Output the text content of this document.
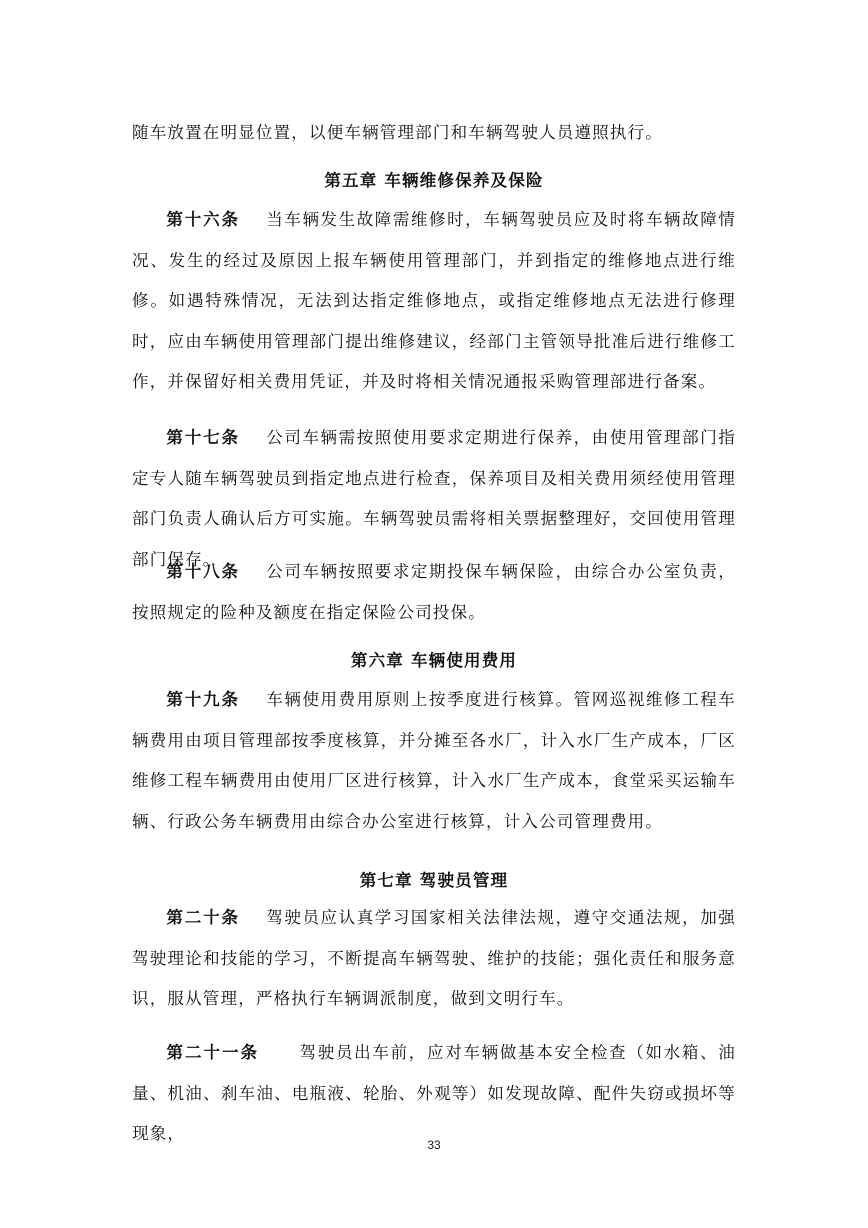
随车放置在明显位置，以便车辆管理部门和车辆驾驶人员遵照执行。

第五章 车辆维修保养及保险

第十六条 当车辆发生故障需维修时，车辆驾驶员应及时将车辆故障情况、发生的经过及原因上报车辆使用管理部门，并到指定的维修地点进行维修。如遇特殊情况，无法到达指定维修地点，或指定维修地点无法进行修理时，应由车辆使用管理部门提出维修建议，经部门主管领导批准后进行维修工作，并保留好相关费用凭证，并及时将相关情况通报采购管理部进行备案。

第十七条 公司车辆需按照使用要求定期进行保养，由使用管理部门指定专人随车辆驾驶员到指定地点进行检查，保养项目及相关费用须经使用管理部门负责人确认后方可实施。车辆驾驶员需将相关票据整理好，交回使用管理部门保存。

第十八条 公司车辆按照要求定期投保车辆保险，由综合办公室负责，按照规定的险种及额度在指定保险公司投保。

第六章 车辆使用费用

第十九条 车辆使用费用原则上按季度进行核算。管网巡视维修工程车辆费用由项目管理部按季度核算，并分摊至各水厂，计入水厂生产成本，厂区维修工程车辆费用由使用厂区进行核算，计入水厂生产成本，食堂采买运输车辆、行政公务车辆费用由综合办公室进行核算，计入公司管理费用。

第七章 驾驶员管理

第二十条 驾驶员应认真学习国家相关法律法规，遵守交通法规，加强驾驶理论和技能的学习，不断提高车辆驾驶、维护的技能；强化责任和服务意识，服从管理，严格执行车辆调派制度，做到文明行车。

第二十一条 驾驶员出车前，应对车辆做基本安全检查（如水箱、油量、机油、刹车油、电瓶液、轮胎、外观等）如发现故障、配件失窃或损坏等现象，

33
